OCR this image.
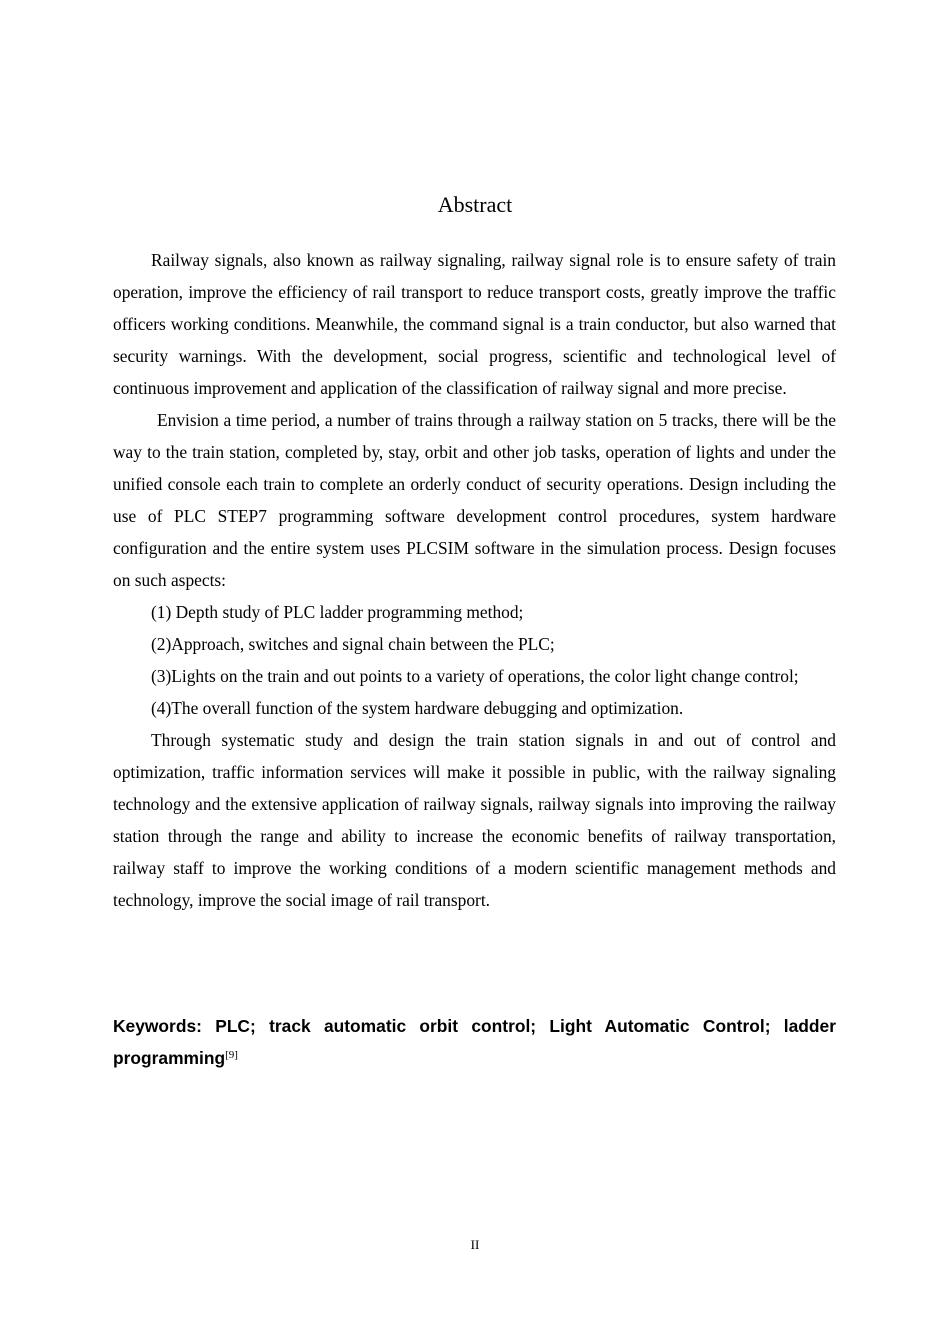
Abstract

Railway signals, also known as railway signaling, railway signal role is to ensure safety of train operation, improve the efficiency of rail transport to reduce transport costs, greatly improve the traffic officers working conditions. Meanwhile, the command signal is a train conductor, but also warned that security warnings. With the development, social progress, scientific and technological level of continuous improvement and application of the classification of railway signal and more precise.

Envision a time period, a number of trains through a railway station on 5 tracks, there will be the way to the train station, completed by, stay, orbit and other job tasks, operation of lights and under the unified console each train to complete an orderly conduct of security operations. Design including the use of PLC STEP7 programming software development control procedures, system hardware configuration and the entire system uses PLCSIM software in the simulation process. Design focuses on such aspects:

(1) Depth study of PLC ladder programming method;

(2)Approach, switches and signal chain between the PLC;

(3)Lights on the train and out points to a variety of operations, the color light change control;

(4)The overall function of the system hardware debugging and optimization.

Through systematic study and design the train station signals in and out of control and optimization, traffic information services will make it possible in public, with the railway signaling technology and the extensive application of railway signals, railway signals into improving the railway station through the range and ability to increase the economic benefits of railway transportation, railway staff to improve the working conditions of a modern scientific management methods and technology, improve the social image of rail transport.

Keywords: PLC; track automatic orbit control; Light Automatic Control; ladder programming[9]

II
